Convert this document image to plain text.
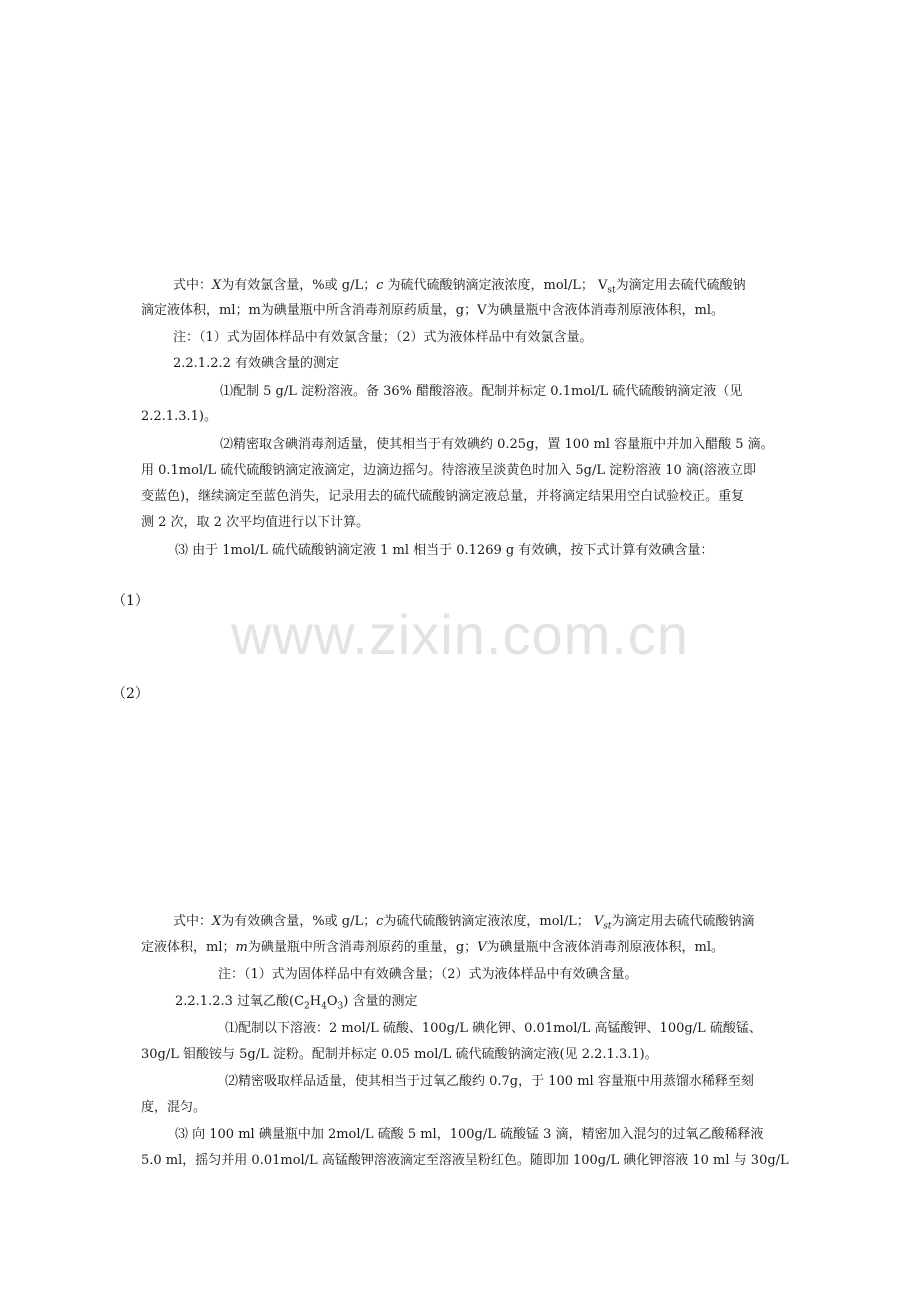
www.zixin.com.cn
式中：X为有效氯含量，%或 g/L；c 为硫代硫酸钠滴定液浓度，mol/L； $V_{st}$为滴定用去硫代硫酸钠
滴定液体积，ml；m为碘量瓶中所含消毒剂原药质量，g；V为碘量瓶中含液体消毒剂原液体积，ml。
注：（1）式为固体样品中有效氯含量；（2）式为液体样品中有效氯含量。
2.2.1.2.2 有效碘含量的测定
⑴配制 5 g/L 淀粉溶液。备 36% 醋酸溶液。配制并标定 0.1mol/L 硫代硫酸钠滴定液（见
2.2.1.3.1)。
⑵精密取含碘消毒剂适量，使其相当于有效碘约 0.25g，置 100 ml 容量瓶中并加入醋酸 5 滴。
用 0.1mol/L 硫代硫酸钠滴定液滴定，边滴边摇匀。待溶液呈淡黄色时加入 5g/L 淀粉溶液 10 滴(溶液立即
变蓝色)，继续滴定至蓝色消失，记录用去的硫代硫酸钠滴定液总量，并将滴定结果用空白试验校正。重复
测 2 次，取 2 次平均值进行以下计算。
⑶ 由于 1mol/L 硫代硫酸钠滴定液 1 ml 相当于 0.1269 g 有效碘，按下式计算有效碘含量：
（1）
（2）
式中：X为有效碘含量，%或 g/L；c为硫代硫酸钠滴定液浓度，mol/L； $V_{st}$为滴定用去硫代硫酸钠滴
定液体积，ml；m为碘量瓶中所含消毒剂原药的重量，g；V为碘量瓶中含液体消毒剂原液体积，ml。
注：（1）式为固体样品中有效碘含量；（2）式为液体样品中有效碘含量。
2.2.1.2.3 过氧乙酸$(C_2H_4O_3)$ 含量的测定
⑴配制以下溶液：2 mol/L 硫酸、100g/L 碘化钾、0.01mol/L 高锰酸钾、100g/L 硫酸锰、
30g/L 钼酸铵与 5g/L 淀粉。配制并标定 0.05 mol/L 硫代硫酸钠滴定液(见 2.2.1.3.1)。
⑵精密吸取样品适量，使其相当于过氧乙酸约 0.7g，于 100 ml 容量瓶中用蒸馏水稀释至刻
度，混匀。
⑶ 向 100 ml 碘量瓶中加 2mol/L 硫酸 5 ml，100g/L 硫酸锰 3 滴，精密加入混匀的过氧乙酸稀释液
5.0 ml，摇匀并用 0.01mol/L 高锰酸钾溶液滴定至溶液呈粉红色。随即加 100g/L 碘化钾溶液 10 ml 与 30g/L
